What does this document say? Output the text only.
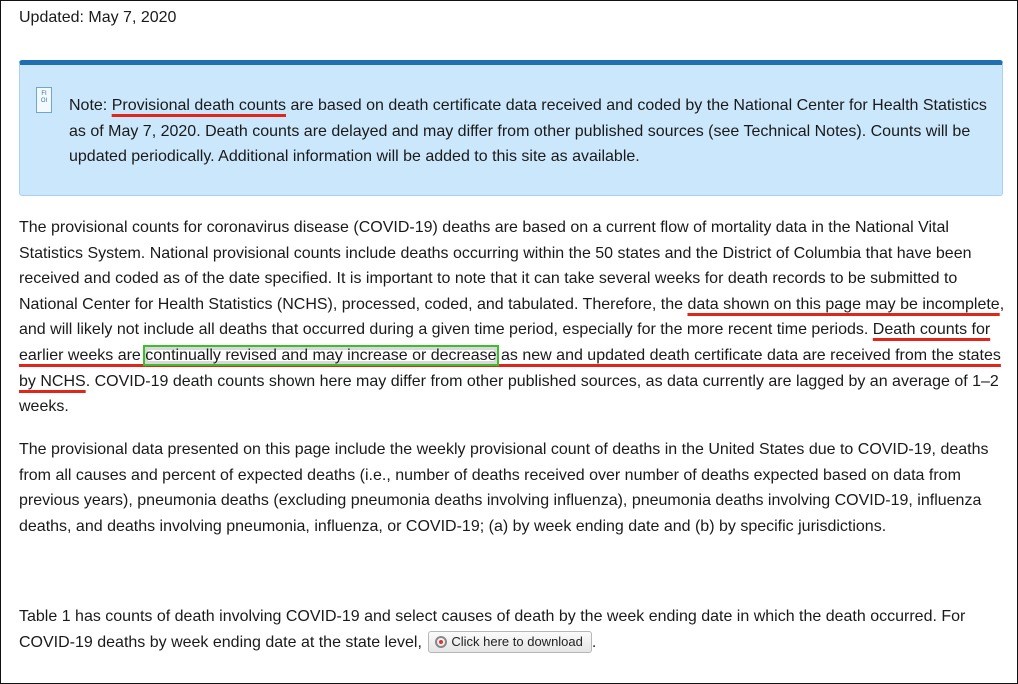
Updated: May 7, 2020
FI
OI	Note: Provisional death counts are based on death certificate data received and coded by the National Center for Health Statistics as of May 7, 2020. Death counts are delayed and may differ from other published sources (see Technical Notes). Counts will be updated periodically. Additional information will be added to this site as available.
The provisional counts for coronavirus disease (COVID-19) deaths are based on a current flow of mortality data in the National Vital Statistics System. National provisional counts include deaths occurring within the 50 states and the District of Columbia that have been received and coded as of the date specified. It is important to note that it can take several weeks for death records to be submitted to National Center for Health Statistics (NCHS), processed, coded, and tabulated. Therefore, the data shown on this page may be incomplete, and will likely not include all deaths that occurred during a given time period, especially for the more recent time periods. Death counts for earlier weeks are continually revised and may increase or decrease as new and updated death certificate data are received from the states by NCHS. COVID-19 death counts shown here may differ from other published sources, as data currently are lagged by an average of 1–2 weeks.
The provisional data presented on this page include the weekly provisional count of deaths in the United States due to COVID-19, deaths from all causes and percent of expected deaths (i.e., number of deaths received over number of deaths expected based on data from previous years), pneumonia deaths (excluding pneumonia deaths involving influenza), pneumonia deaths involving COVID-19, influenza deaths, and deaths involving pneumonia, influenza, or COVID-19; (a) by week ending date and (b) by specific jurisdictions.
Table 1 has counts of death involving COVID-19 and select causes of death by the week ending date in which the death occurred. For COVID-19 deaths by week ending date at the state level, Click here to download .
